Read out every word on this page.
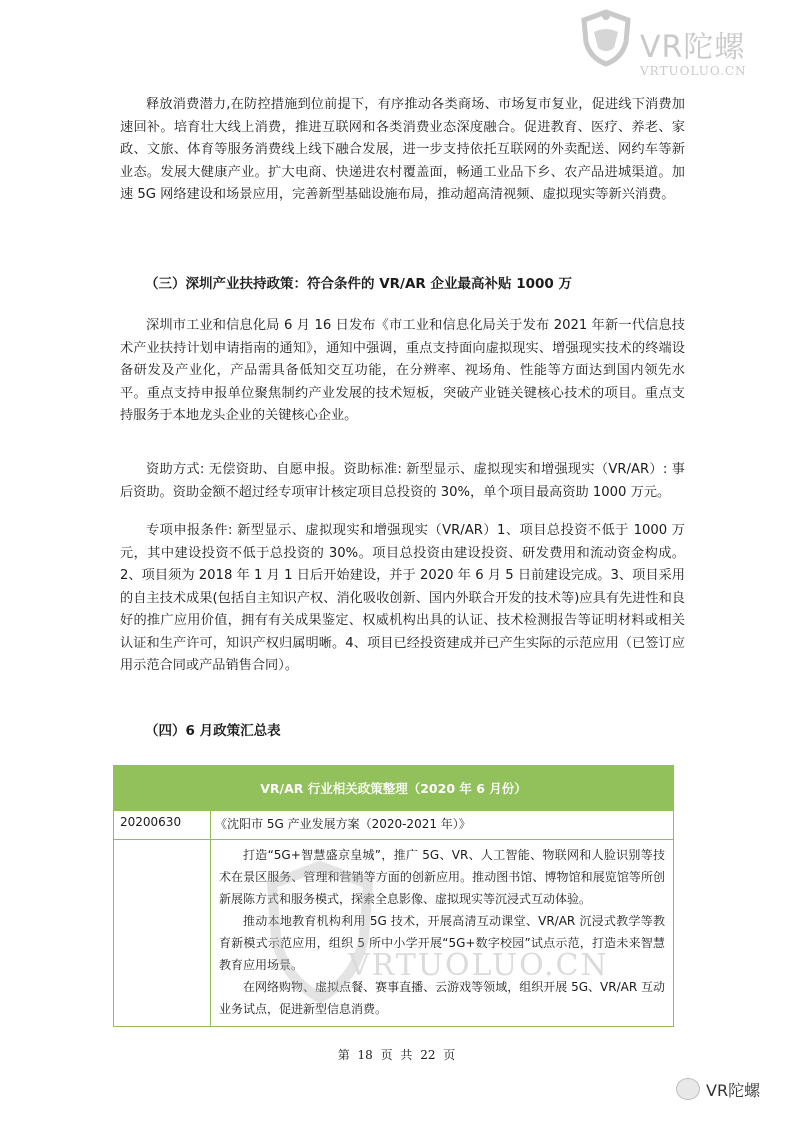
VR陀螺
VRTUOLUO.CN

释放消费潜力,在防控措施到位前提下，有序推动各类商场、市场复市复业，促进线下消费加速回补。培育壮大线上消费，推进互联网和各类消费业态深度融合。促进教育、医疗、养老、家政、文旅、体育等服务消费线上线下融合发展，进一步支持依托互联网的外卖配送、网约车等新业态。发展大健康产业。扩大电商、快递进农村覆盖面，畅通工业品下乡、农产品进城渠道。加速 5G 网络建设和场景应用，完善新型基础设施布局，推动超高清视频、虚拟现实等新兴消费。

（三）深圳产业扶持政策：符合条件的 VR/AR 企业最高补贴 1000 万

深圳市工业和信息化局 6 月 16 日发布《市工业和信息化局关于发布 2021 年新一代信息技术产业扶持计划申请指南的通知》，通知中强调，重点支持面向虚拟现实、增强现实技术的终端设备研发及产业化，产品需具备低知交互功能，在分辨率、视场角、性能等方面达到国内领先水平。重点支持申报单位聚焦制约产业发展的技术短板，突破产业链关键核心技术的项目。重点支持服务于本地龙头企业的关键核心企业。

资助方式: 无偿资助、自愿申报。资助标准: 新型显示、虚拟现实和增强现实（VR/AR）: 事后资助。资助金额不超过经专项审计核定项目总投资的 30%，单个项目最高资助 1000 万元。

专项申报条件: 新型显示、虚拟现实和增强现实（VR/AR）1、项目总投资不低于 1000 万元，其中建设投资不低于总投资的 30%。项目总投资由建设投资、研发费用和流动资金构成。2、项目须为 2018 年 1 月 1 日后开始建设，并于 2020 年 6 月 5 日前建设完成。3、项目采用的自主技术成果(包括自主知识产权、消化吸收创新、国内外联合开发的技术等)应具有先进性和良好的推广应用价值，拥有有关成果鉴定、权威机构出具的认证、技术检测报告等证明材料或相关认证和生产许可，知识产权归属明晰。4、项目已经投资建成并已产生实际的示范应用（已签订应用示范合同或产品销售合同）。

（四）6 月政策汇总表

VR/AR 行业相关政策整理（2020 年 6 月份）	
20200630	《沈阳市 5G 产业发展方案（2020-2021 年）》

	打造“5G+智慧盛京皇城”，推广 5G、VR、人工智能、物联网和人脸识别等技术在景区服务、管理和营销等方面的创新应用。推动图书馆、博物馆和展览馆等所创新展陈方式和服务模式，探索全息影像、虚拟现实等沉浸式互动体验。

推动本地教育机构利用 5G 技术，开展高清互动课堂、VR/AR 沉浸式教学等教育新模式示范应用，组织 5 所中小学开展“5G+数字校园”试点示范，打造未来智慧教育应用场景。

在网络购物、虚拟点餐、赛事直播、云游戏等领域，组织开展 5G、VR/AR 互动业务试点，促进新型信息消费。

VRTUOLUO.CN
第 18 页 共 22 页
VR陀螺
